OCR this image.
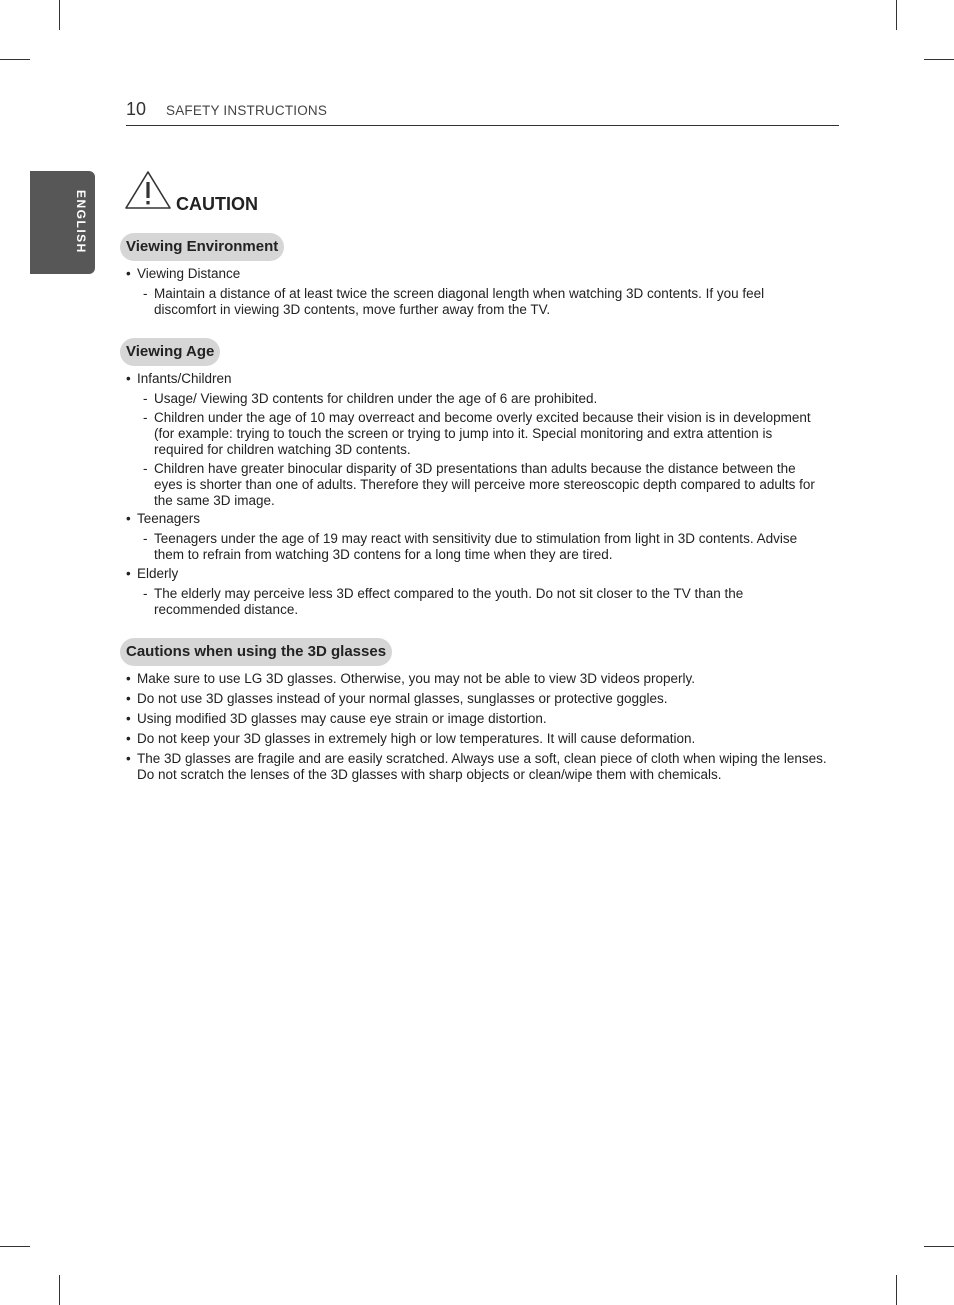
10 SAFETY INSTRUCTIONS
ENGLISH	CAUTION
Viewing Environment
• Viewing Distance
- Maintain a distance of at least twice the screen diagonal length when watching 3D contents. If you feel discomfort in viewing 3D contents, move further away from the TV.
Viewing Age
• Infants/Children
- Usage/ Viewing 3D contents for children under the age of 6 are prohibited.
- Children under the age of 10 may overreact and become overly excited because their vision is in development (for example: trying to touch the screen or trying to jump into it. Special monitoring and extra attention is required for children watching 3D contents.
- Children have greater binocular disparity of 3D presentations than adults because the distance between the eyes is shorter than one of adults. Therefore they will perceive more stereoscopic depth compared to adults for the same 3D image.
• Teenagers
- Teenagers under the age of 19 may react with sensitivity due to stimulation from light in 3D contents. Advise them to refrain from watching 3D contens for a long time when they are tired.
• Elderly
- The elderly may perceive less 3D effect compared to the youth. Do not sit closer to the TV than the recommended distance.
Cautions when using the 3D glasses
• Make sure to use LG 3D glasses. Otherwise, you may not be able to view 3D videos properly.
• Do not use 3D glasses instead of your normal glasses, sunglasses or protective goggles.
• Using modified 3D glasses may cause eye strain or image distortion.
• Do not keep your 3D glasses in extremely high or low temperatures. It will cause deformation.
• The 3D glasses are fragile and are easily scratched. Always use a soft, clean piece of cloth when wiping the lenses. Do not scratch the lenses of the 3D glasses with sharp objects or clean/wipe them with chemicals.
